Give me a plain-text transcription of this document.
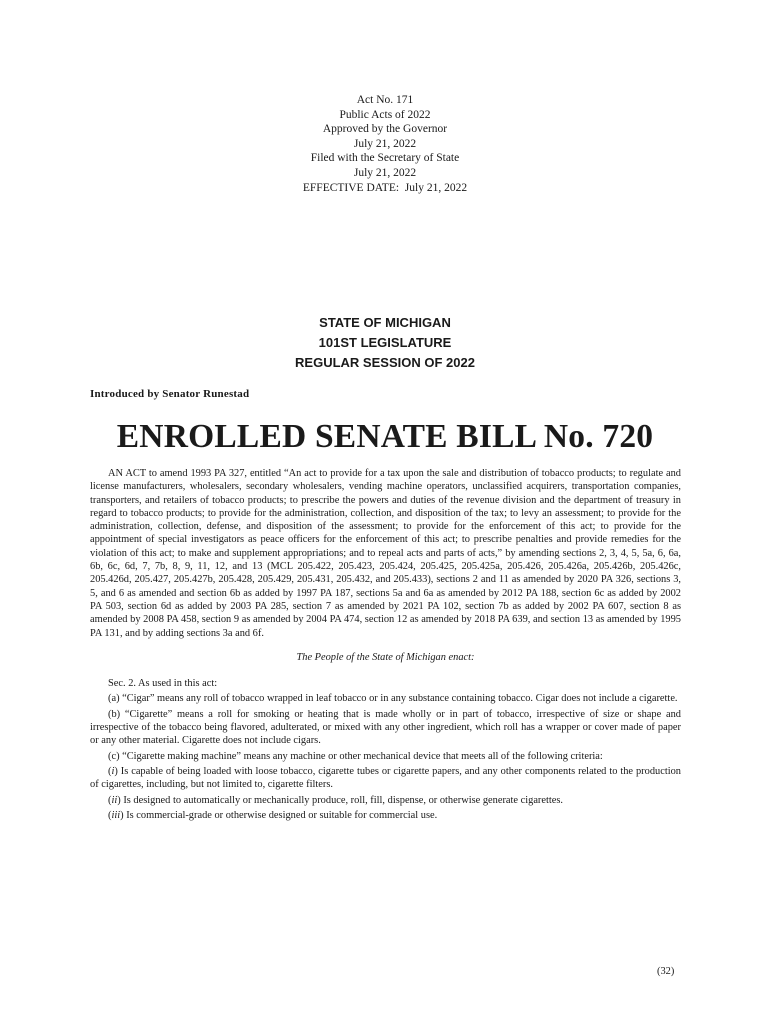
Act No. 171
Public Acts of 2022
Approved by the Governor
July 21, 2022
Filed with the Secretary of State
July 21, 2022
EFFECTIVE DATE:  July 21, 2022
STATE OF MICHIGAN
101ST LEGISLATURE
REGULAR SESSION OF 2022
Introduced by Senator Runestad
ENROLLED SENATE BILL No. 720

AN ACT to amend 1993 PA 327, entitled “An act to provide for a tax upon the sale and distribution of tobacco products; to regulate and license manufacturers, wholesalers, secondary wholesalers, vending machine operators, unclassified acquirers, transportation companies, transporters, and retailers of tobacco products; to prescribe the powers and duties of the revenue division and the department of treasury in regard to tobacco products; to provide for the administration, collection, and disposition of the tax; to levy an assessment; to provide for the administration, collection, defense, and disposition of the assessment; to provide for the enforcement of this act; to provide for the appointment of special investigators as peace officers for the enforcement of this act; to prescribe penalties and provide remedies for the violation of this act; to make and supplement appropriations; and to repeal acts and parts of acts,” by amending sections 2, 3, 4, 5, 5a, 6, 6a, 6b, 6c, 6d, 7, 7b, 8, 9, 11, 12, and 13 (MCL 205.422, 205.423, 205.424, 205.425, 205.425a, 205.426, 205.426a, 205.426b, 205.426c, 205.426d, 205.427, 205.427b, 205.428, 205.429, 205.431, 205.432, and 205.433), sections 2 and 11 as amended by 2020 PA 326, sections 3, 5, and 6 as amended and section 6b as added by 1997 PA 187, sections 5a and 6a as amended by 2012 PA 188, section 6c as added by 2002 PA 503, section 6d as added by 2003 PA 285, section 7 as amended by 2021 PA 102, section 7b as added by 2002 PA 607, section 8 as amended by 2008 PA 458, section 9 as amended by 2004 PA 474, section 12 as amended by 2018 PA 639, and section 13 as amended by 1995 PA 131, and by adding sections 3a and 6f.

The People of the State of Michigan enact:

Sec. 2. As used in this act:

(a) “Cigar” means any roll of tobacco wrapped in leaf tobacco or in any substance containing tobacco. Cigar does not include a cigarette.

(b) “Cigarette” means a roll for smoking or heating that is made wholly or in part of tobacco, irrespective of size or shape and irrespective of the tobacco being flavored, adulterated, or mixed with any other ingredient, which roll has a wrapper or cover made of paper or any other material. Cigarette does not include cigars.

(c) “Cigarette making machine” means any machine or other mechanical device that meets all of the following criteria:

(i) Is capable of being loaded with loose tobacco, cigarette tubes or cigarette papers, and any other components related to the production of cigarettes, including, but not limited to, cigarette filters.

(ii) Is designed to automatically or mechanically produce, roll, fill, dispense, or otherwise generate cigarettes.

(iii) Is commercial-grade or otherwise designed or suitable for commercial use.

(32)
